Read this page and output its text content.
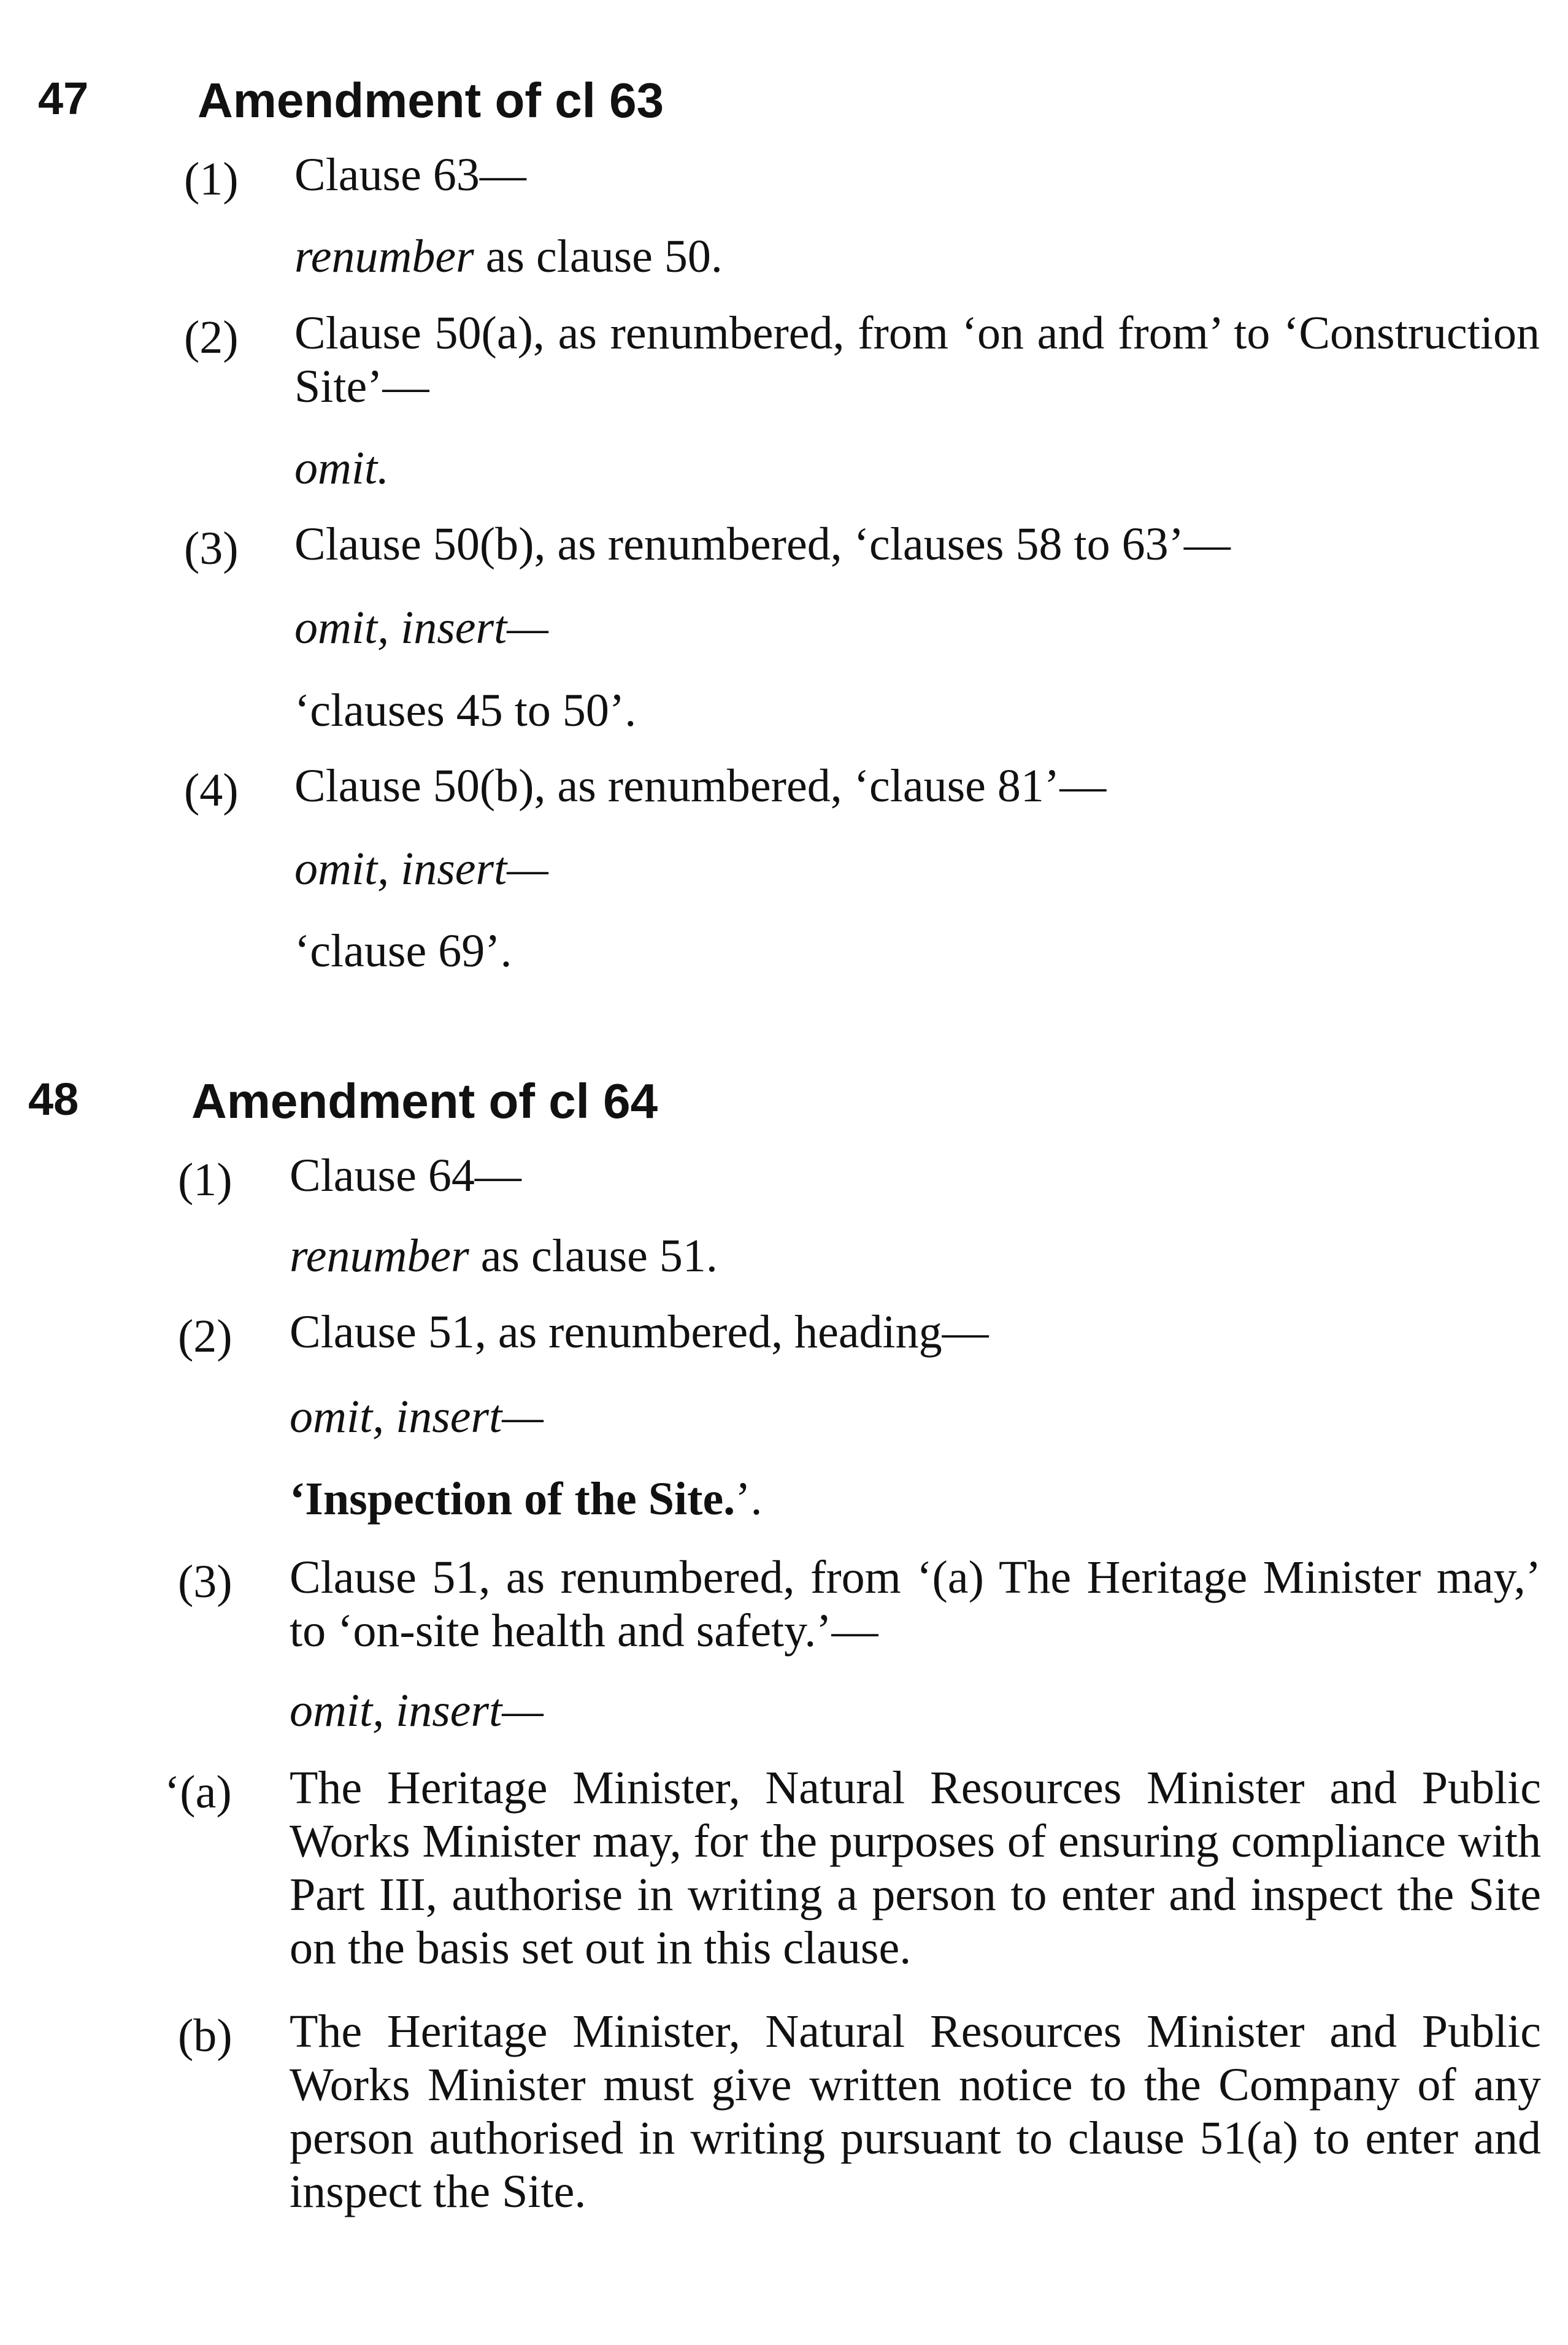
47 Amendment of cl 63
(1) Clause 63—
renumber as clause 50.
(2) Clause 50(a), as renumbered, from ‘on and from’ to ‘Construction Site’—
omit.
(3) Clause 50(b), as renumbered, ‘clauses 58 to 63’—
omit, insert—
‘clauses 45 to 50’.
(4) Clause 50(b), as renumbered, ‘clause 81’—
omit, insert—
‘clause 69’.
48 Amendment of cl 64
(1) Clause 64—
renumber as clause 51.
(2) Clause 51, as renumbered, heading—
omit, insert—
‘Inspection of the Site.’.
(3) Clause 51, as renumbered, from ‘(a) The Heritage Minister may,’ to ‘on-site health and safety.’—
omit, insert—
‘(a) The Heritage Minister, Natural Resources Minister and Public Works Minister may, for the purposes of ensuring compliance with Part III, authorise in writing a person to enter and inspect the Site on the basis set out in this clause.
(b) The Heritage Minister, Natural Resources Minister and Public Works Minister must give written notice to the Company of any person authorised in writing pursuant to clause 51(a) to enter and inspect the Site.
